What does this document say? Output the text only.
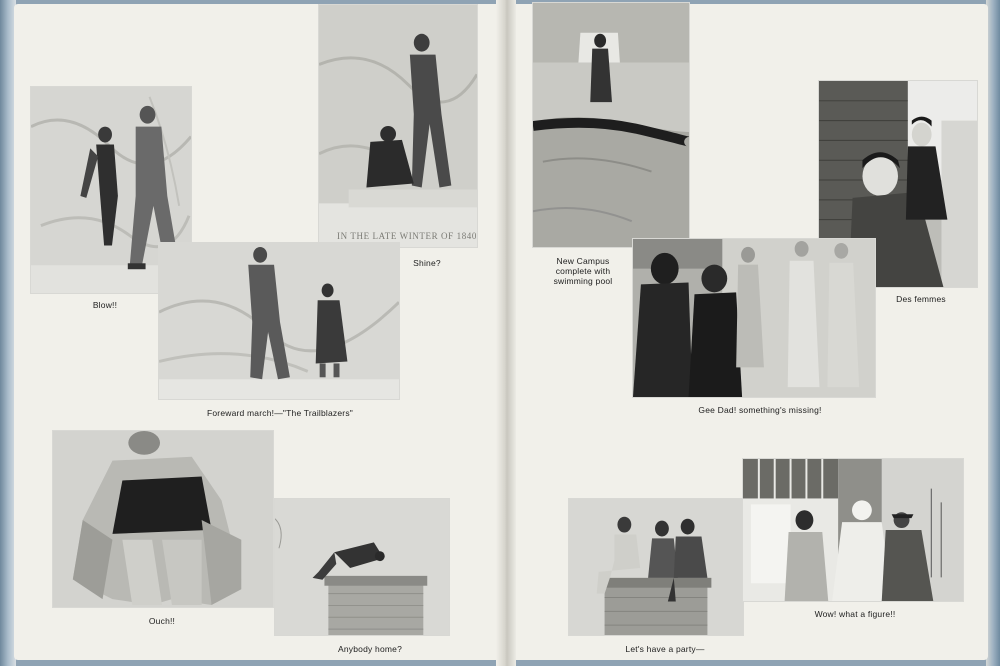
Blow!!
IN THE LATE WINTER OF 1840
Shine?
Foreward march!—"The Trailblazers"
Ouch!!
Anybody home?
New Campus complete with swimming pool
Des femmes
Gee Dad! something's missing!
Let's have a party—
Wow! what a figure!!
